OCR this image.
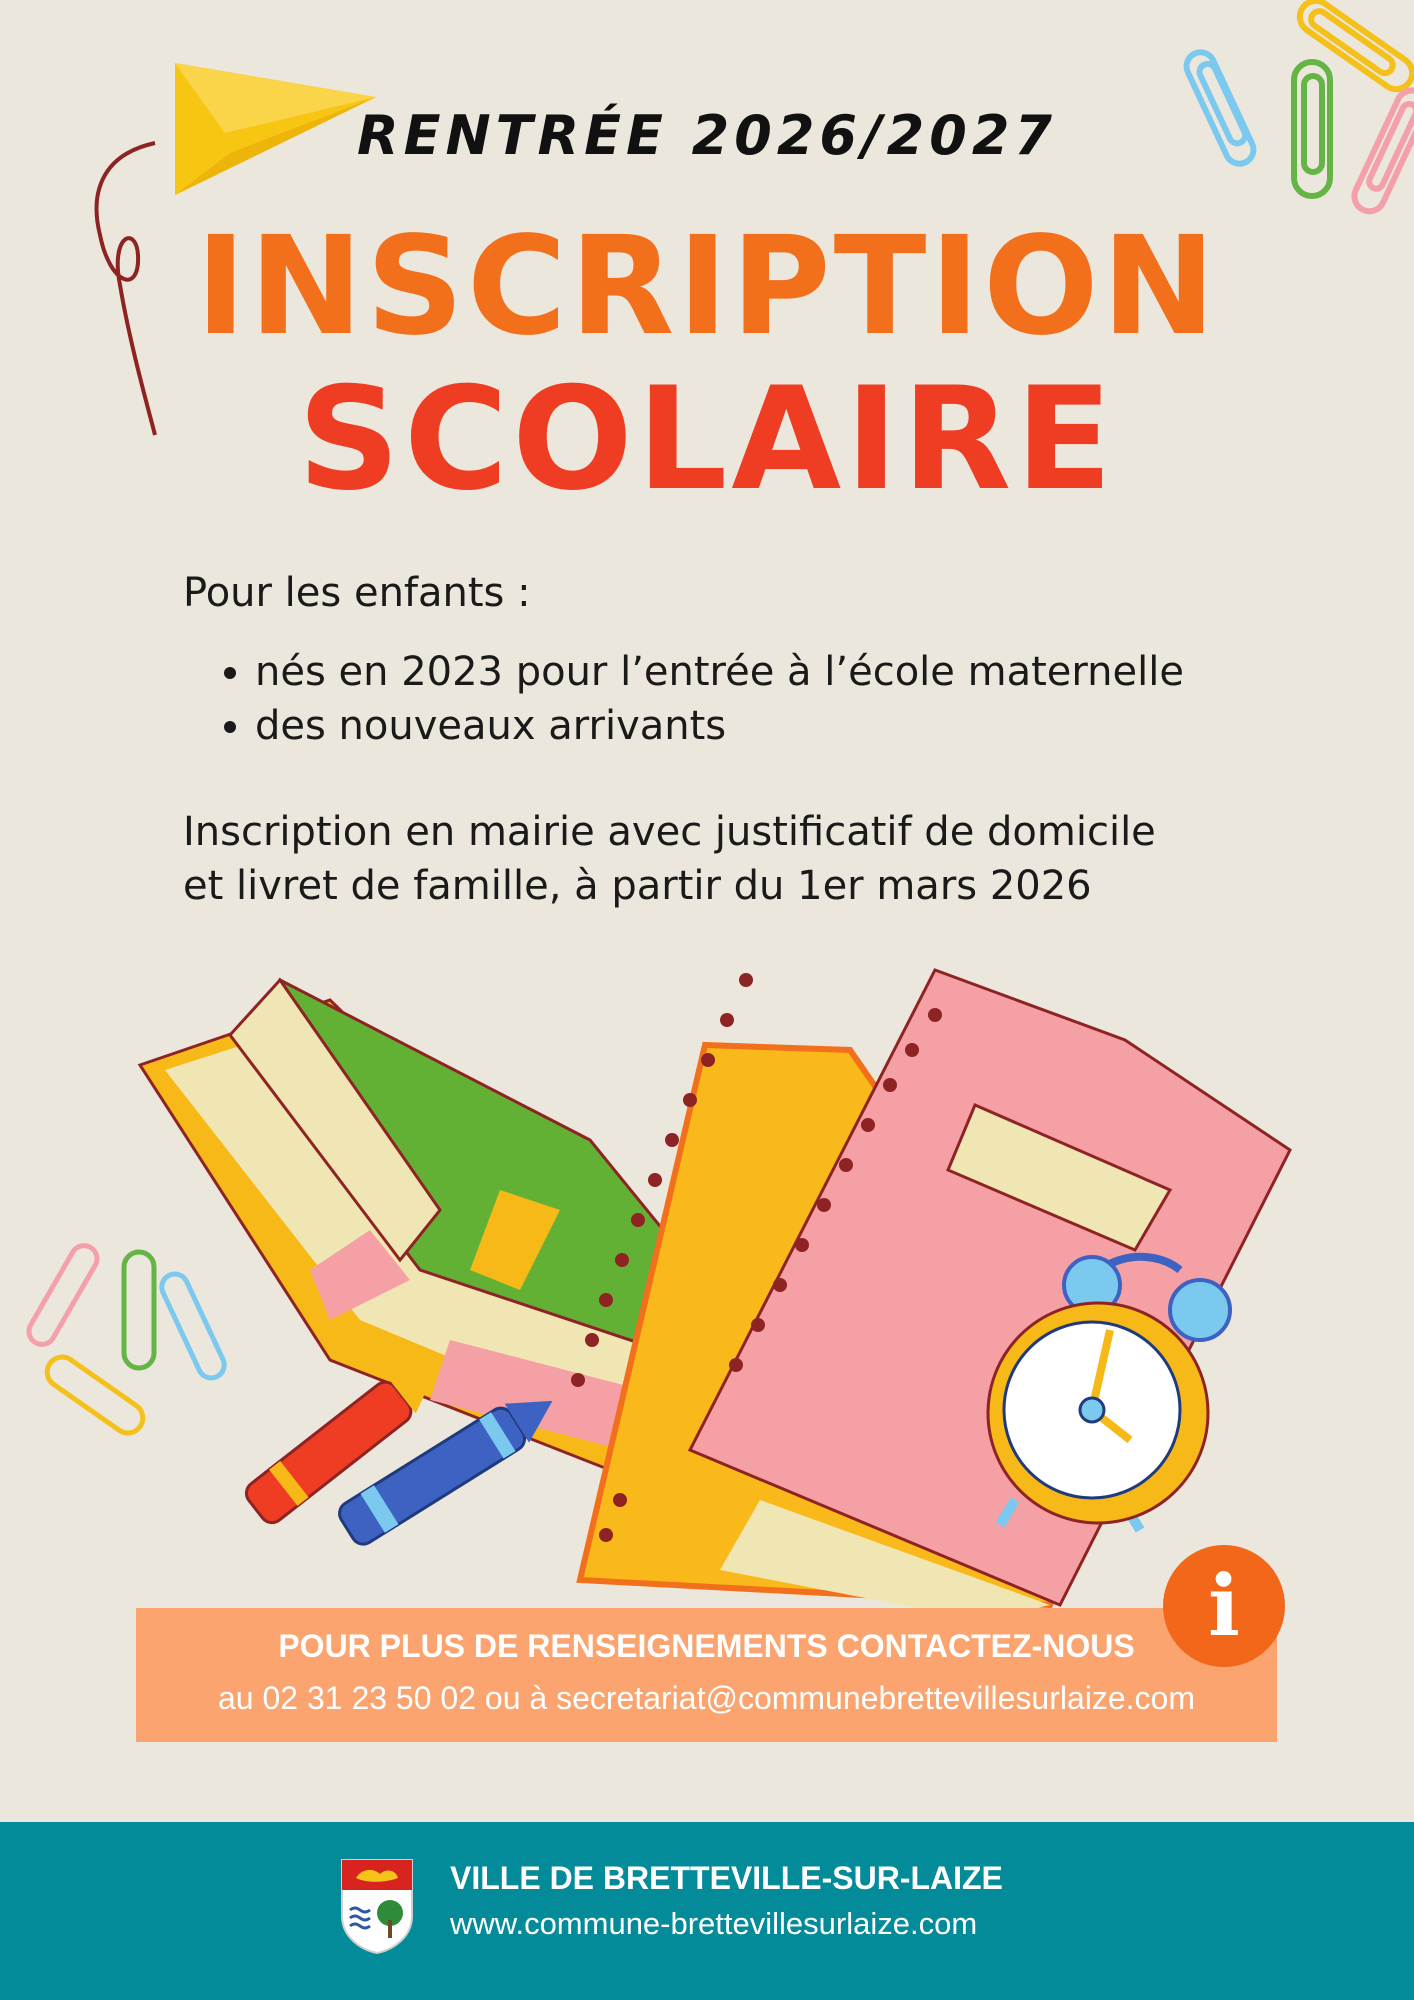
RENTRÉE 2026/2027
INSCRIPTION
SCOLAIRE
Pour les enfants :
• nés en 2023 pour l’entrée à l’école maternelle
• des nouveaux arrivants
Inscription en mairie avec justificatif de domicile
et livret de famille, à partir du 1er mars 2026
POUR PLUS DE RENSEIGNEMENTS CONTACTEZ-NOUS
au 02 31 23 50 02 ou à secretariat@communebrettevillesurlaize.com
i
VILLE DE BRETTEVILLE-SUR-LAIZE
www.commune-brettevillesurlaize.com
